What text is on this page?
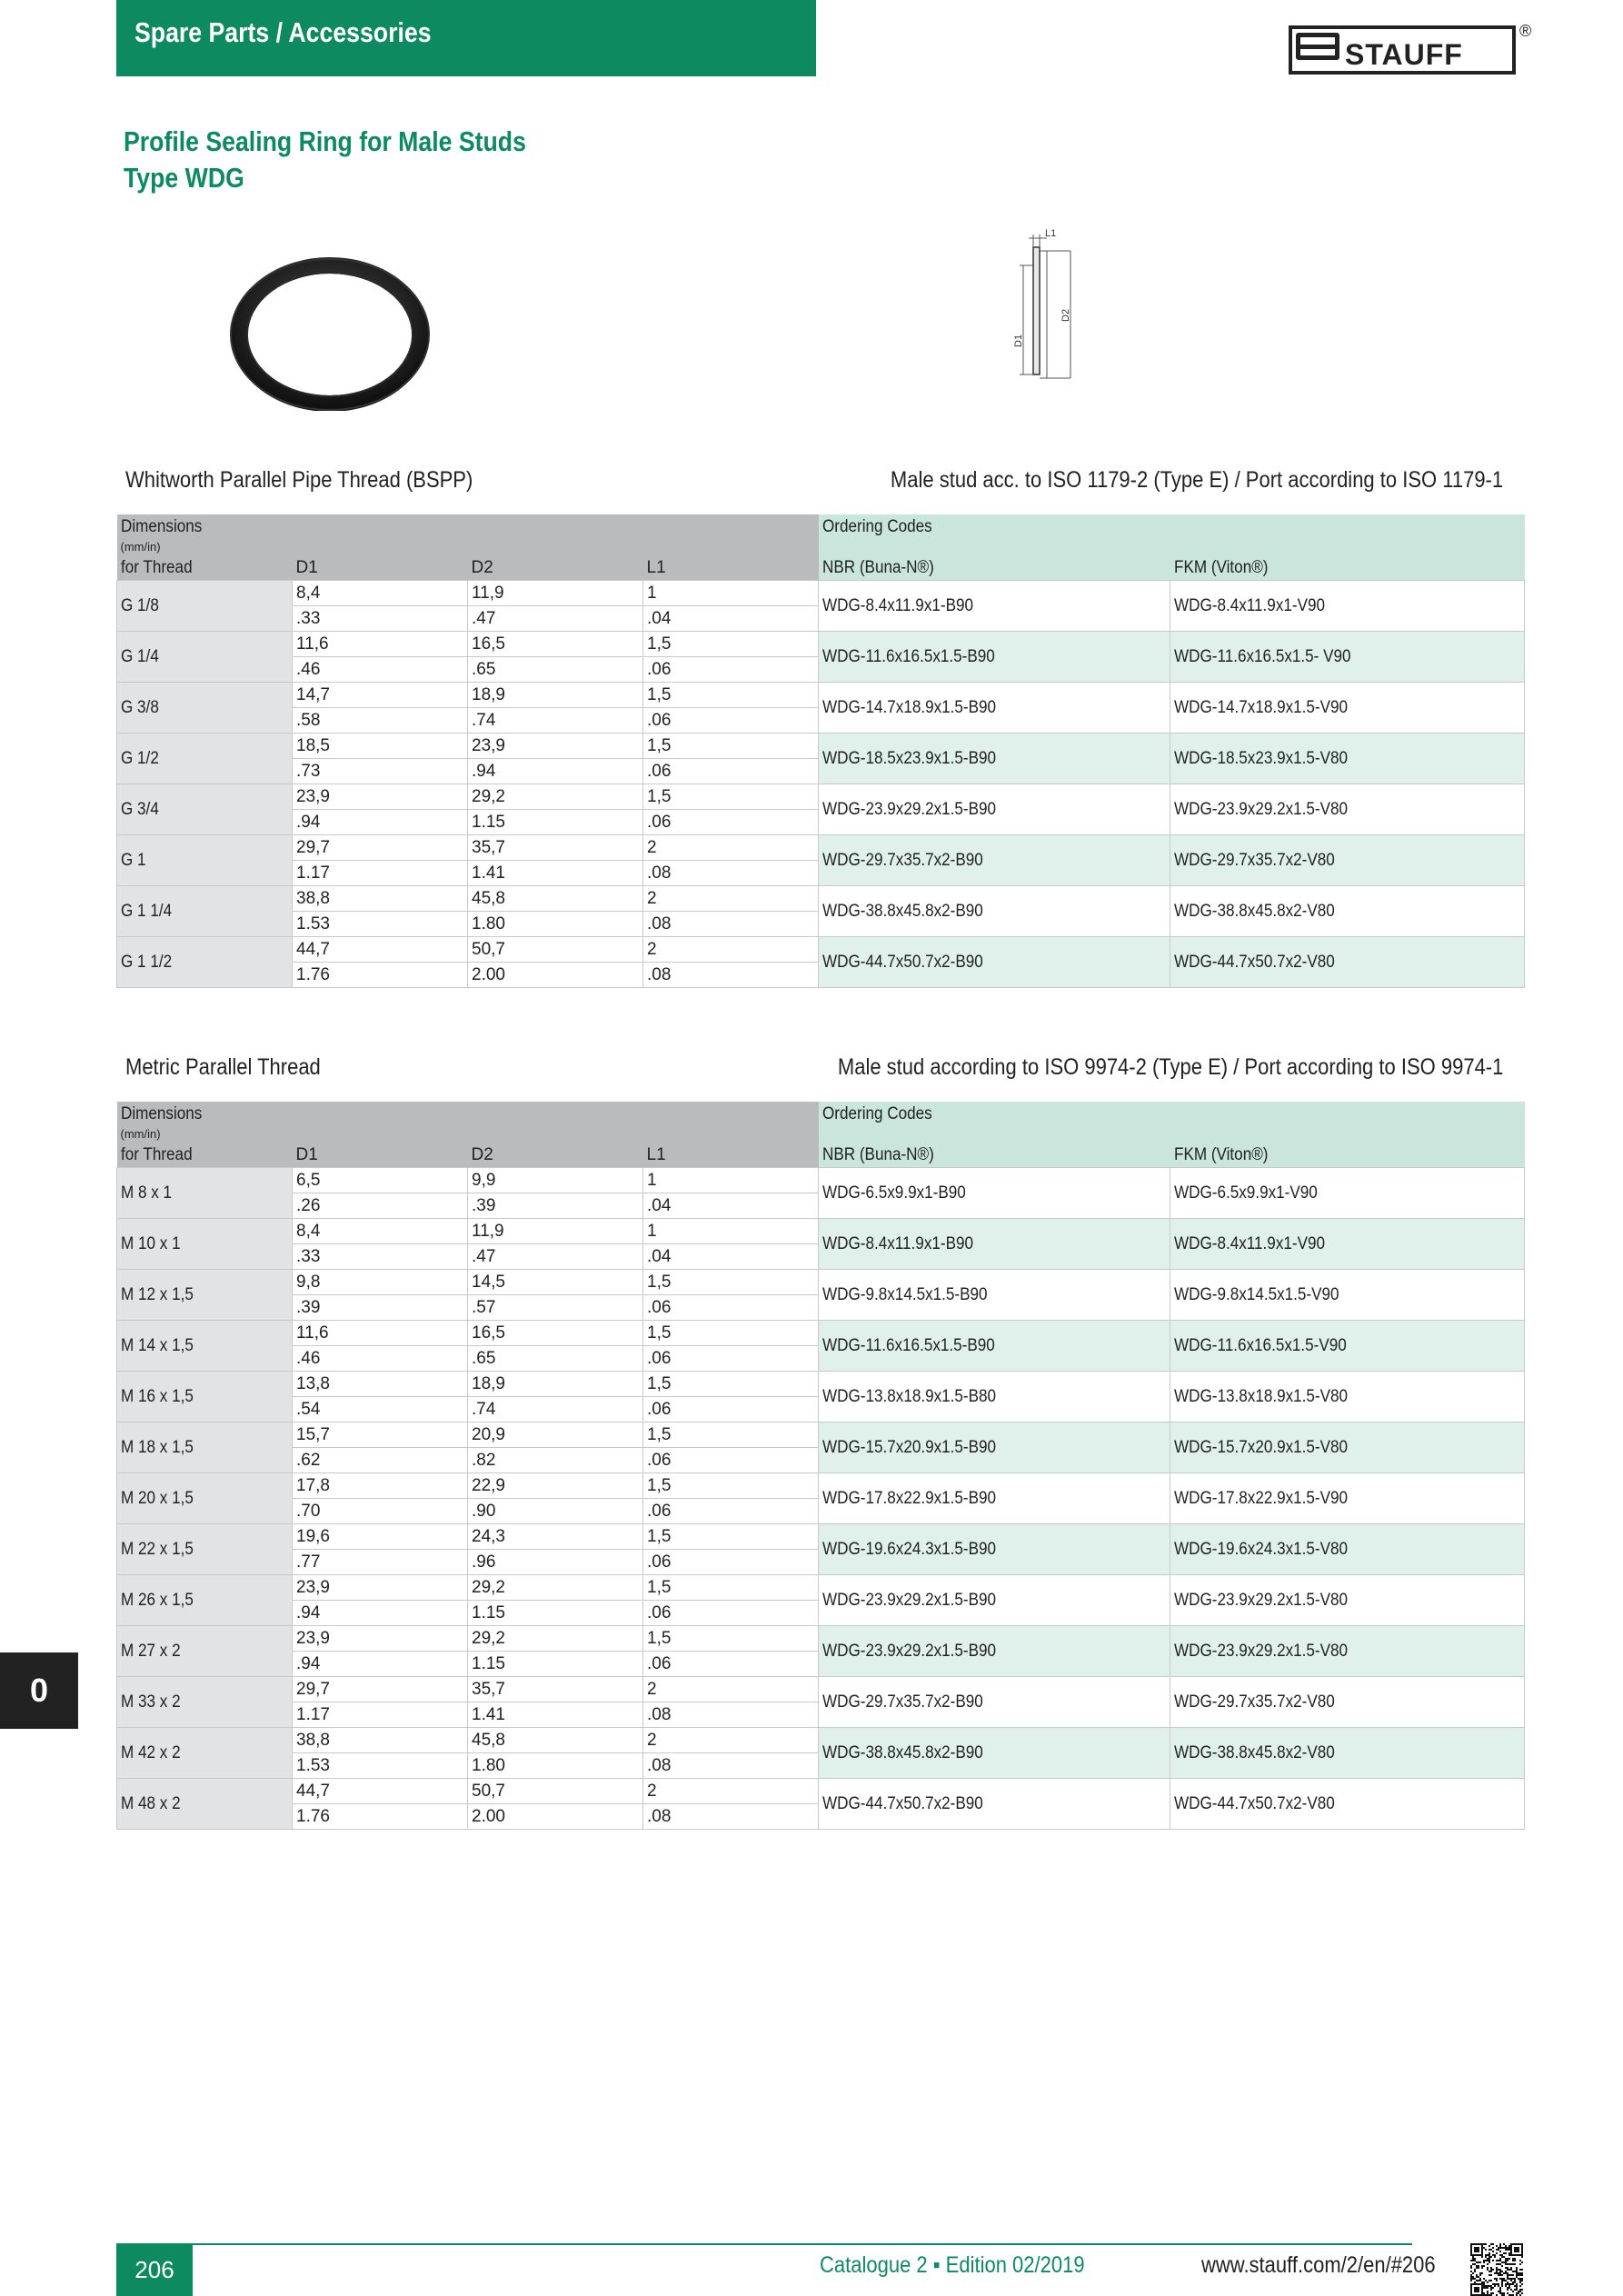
Spare Parts / Accessories
STAUFF
®
Profile Sealing Ring for Male Studs
Type WDG
L1
D1
D2
Whitworth Parallel Pipe Thread (BSPP)	Male stud acc. to ISO 1179-2 (Type E) / Port according to ISO 1179-1
Dimensions				Ordering Codes	
(mm/in)					
for Thread	D1	D2	L1	NBR (Buna-N®)	FKM (Viton®)
G 1/8	8,4	11,9	1	WDG-8.4x11.9x1-B90	WDG-8.4x11.9x1-V90
	.33	.47	.04		
G 1/4	11,6	16,5	1,5	WDG-11.6x16.5x1.5-B90	WDG-11.6x16.5x1.5- V90
	.46	.65	.06		
G 3/8	14,7	18,9	1,5	WDG-14.7x18.9x1.5-B90	WDG-14.7x18.9x1.5-V90
	.58	.74	.06		
G 1/2	18,5	23,9	1,5	WDG-18.5x23.9x1.5-B90	WDG-18.5x23.9x1.5-V80
	.73	.94	.06		
G 3/4	23,9	29,2	1,5	WDG-23.9x29.2x1.5-B90	WDG-23.9x29.2x1.5-V80
	.94	1.15	.06		
G 1	29,7	35,7	2	WDG-29.7x35.7x2-B90	WDG-29.7x35.7x2-V80
	1.17	1.41	.08		
G 1 1/4	38,8	45,8	2	WDG-38.8x45.8x2-B90	WDG-38.8x45.8x2-V80
	1.53	1.80	.08		
G 1 1/2	44,7	50,7	2	WDG-44.7x50.7x2-B90	WDG-44.7x50.7x2-V80
	1.76	2.00	.08		
Metric Parallel Thread	Male stud according to ISO 9974-2 (Type E) / Port according to ISO 9974-1
Dimensions				Ordering Codes	
(mm/in)					
for Thread	D1	D2	L1	NBR (Buna-N®)	FKM (Viton®)
M 8 x 1	6,5	9,9	1	WDG-6.5x9.9x1-B90	WDG-6.5x9.9x1-V90
	.26	.39	.04		
M 10 x 1	8,4	11,9	1	WDG-8.4x11.9x1-B90	WDG-8.4x11.9x1-V90
	.33	.47	.04		
M 12 x 1,5	9,8	14,5	1,5	WDG-9.8x14.5x1.5-B90	WDG-9.8x14.5x1.5-V90
	.39	.57	.06		
M 14 x 1,5	11,6	16,5	1,5	WDG-11.6x16.5x1.5-B90	WDG-11.6x16.5x1.5-V90
	.46	.65	.06		
M 16 x 1,5	13,8	18,9	1,5	WDG-13.8x18.9x1.5-B80	WDG-13.8x18.9x1.5-V80
	.54	.74	.06		
M 18 x 1,5	15,7	20,9	1,5	WDG-15.7x20.9x1.5-B90	WDG-15.7x20.9x1.5-V80
	.62	.82	.06		
M 20 x 1,5	17,8	22,9	1,5	WDG-17.8x22.9x1.5-B90	WDG-17.8x22.9x1.5-V90
	.70	.90	.06		
M 22 x 1,5	19,6	24,3	1,5	WDG-19.6x24.3x1.5-B90	WDG-19.6x24.3x1.5-V80
	.77	.96	.06		
M 26 x 1,5	23,9	29,2	1,5	WDG-23.9x29.2x1.5-B90	WDG-23.9x29.2x1.5-V80
	.94	1.15	.06		
M 27 x 2	23,9	29,2	1,5	WDG-23.9x29.2x1.5-B90	WDG-23.9x29.2x1.5-V80
	.94	1.15	.06		
M 33 x 2	29,7	35,7	2	WDG-29.7x35.7x2-B90	WDG-29.7x35.7x2-V80
	1.17	1.41	.08		
M 42 x 2	38,8	45,8	2	WDG-38.8x45.8x2-B90	WDG-38.8x45.8x2-V80
	1.53	1.80	.08		
M 48 x 2	44,7	50,7	2	WDG-44.7x50.7x2-B90	WDG-44.7x50.7x2-V80
	1.76	2.00	.08		
0
206	Catalogue 2 ▪ Edition 02/2019	www.stauff.com/2/en/#206
